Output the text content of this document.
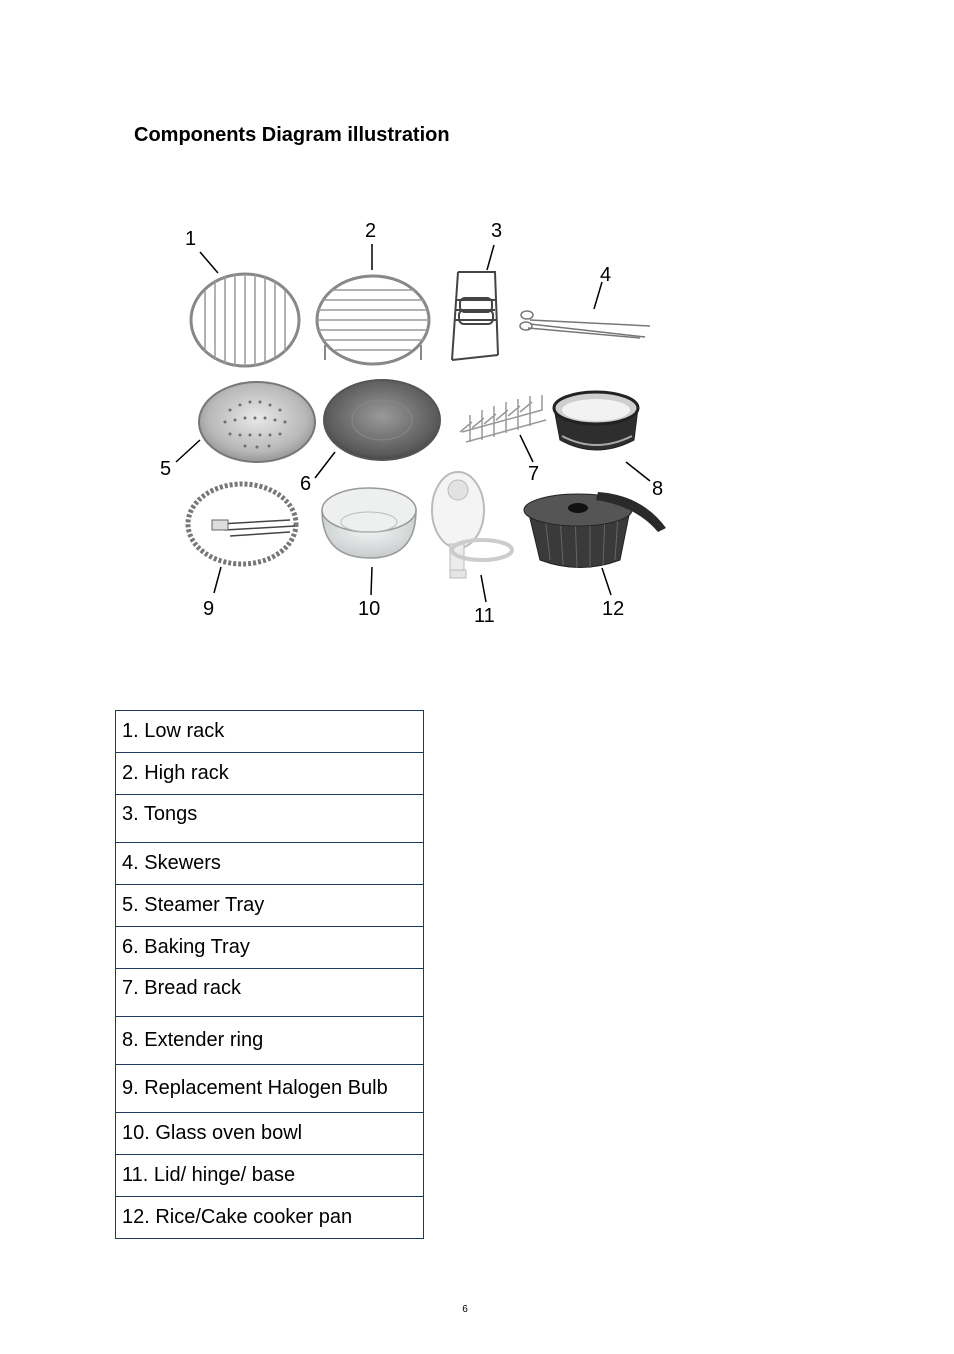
Components Diagram illustration
1	2	3
4
5
6	7
8
9	10	11	12
1. Low rack
2. High rack
3. Tongs
4. Skewers
5. Steamer Tray
6. Baking Tray
7. Bread rack
8. Extender ring
9. Replacement Halogen Bulb
10. Glass oven bowl
11. Lid/ hinge/ base
12. Rice/Cake cooker pan
6
